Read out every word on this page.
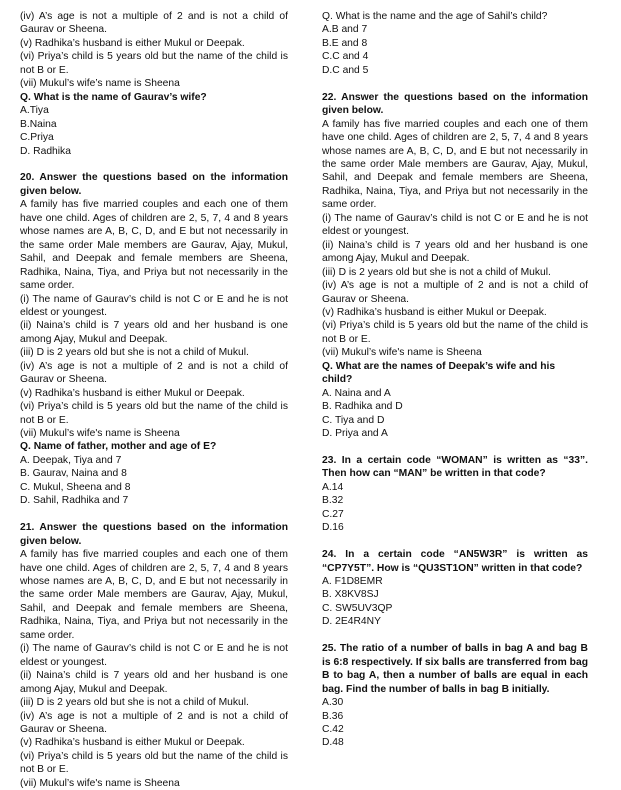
(iv) A’s age is not a multiple of 2 and is not a child of Gaurav or Sheena.

(v) Radhika’s husband is either Mukul or Deepak.

(vi) Priya’s child is 5 years old but the name of the child is not B or E.

(vii) Mukul’s wife’s name is Sheena

Q. What is the name of Gaurav’s wife?

A.Tiya
B.Naina
C.Priya
D. Radhika

20. Answer the questions based on the information given below.

A family has five married couples and each one of them have one child. Ages of children are 2, 5, 7, 4 and 8 years whose names are A, B, C, D, and E but not necessarily in the same order Male members are Gaurav, Ajay, Mukul, Sahil, and Deepak and female members are Sheena, Radhika, Naina, Tiya, and Priya but not necessarily in the same order.

(i) The name of Gaurav’s child is not C or E and he is not eldest or youngest.

(ii) Naina’s child is 7 years old and her husband is one among Ajay, Mukul and Deepak.

(iii) D is 2 years old but she is not a child of Mukul.

(iv) A’s age is not a multiple of 2 and is not a child of Gaurav or Sheena.

(v) Radhika’s husband is either Mukul or Deepak.

(vi) Priya’s child is 5 years old but the name of the child is not B or E.

(vii) Mukul’s wife's name is Sheena

Q. Name of father, mother and age of E?

A. Deepak, Tiya and 7
B. Gaurav, Naina and 8
C. Mukul, Sheena and 8
D. Sahil, Radhika and 7

21. Answer the questions based on the information given below.

A family has five married couples and each one of them have one child. Ages of children are 2, 5, 7, 4 and 8 years whose names are A, B, C, D, and E but not necessarily in the same order Male members are Gaurav, Ajay, Mukul, Sahil, and Deepak and female members are Sheena, Radhika, Naina, Tiya, and Priya but not necessarily in the same order.

(i) The name of Gaurav’s child is not C or E and he is not eldest or youngest.

(ii) Naina’s child is 7 years old and her husband is one among Ajay, Mukul and Deepak.

(iii) D is 2 years old but she is not a child of Mukul.

(iv) A’s age is not a multiple of 2 and is not a child of Gaurav or Sheena.

(v) Radhika’s husband is either Mukul or Deepak.

(vi) Priya’s child is 5 years old but the name of the child is not B or E.

(vii) Mukul’s wife's name is Sheena

Q. What is the name and the age of Sahil’s child?

A.B and 7
B.E and 8
C.C and 4
D.C and 5

22. Answer the questions based on the information given below.

A family has five married couples and each one of them have one child. Ages of children are 2, 5, 7, 4 and 8 years whose names are A, B, C, D, and E but not necessarily in the same order Male members are Gaurav, Ajay, Mukul, Sahil, and Deepak and female members are Sheena, Radhika, Naina, Tiya, and Priya but not necessarily in the same order.

(i) The name of Gaurav’s child is not C or E and he is not eldest or youngest.

(ii) Naina’s child is 7 years old and her husband is one among Ajay, Mukul and Deepak.

(iii) D is 2 years old but she is not a child of Mukul.

(iv) A’s age is not a multiple of 2 and is not a child of Gaurav or Sheena.

(v) Radhika’s husband is either Mukul or Deepak.

(vi) Priya’s child is 5 years old but the name of the child is not B or E.

(vii) Mukul’s wife's name is Sheena

Q. What are the names of Deepak’s wife and his child?

A. Naina and A
B. Radhika and D
C. Tiya and D
D. Priya and A

23. In a certain code “WOMAN” is written as “33”. Then how can “MAN” be written in that code?

A.14
B.32
C.27
D.16

24. In a certain code “AN5W3R” is written as “CP7Y5T”. How is “QU3ST1ON” written in that code?

A. F1D8EMR
B. X8KV8SJ
C. SW5UV3QP
D. 2E4R4NY

25. The ratio of a number of balls in bag A and bag B is 6:8 respectively. If six balls are transferred from bag B to bag A, then a number of balls are equal in each bag. Find the number of balls in bag B initially.

A.30
B.36
C.42
D.48
